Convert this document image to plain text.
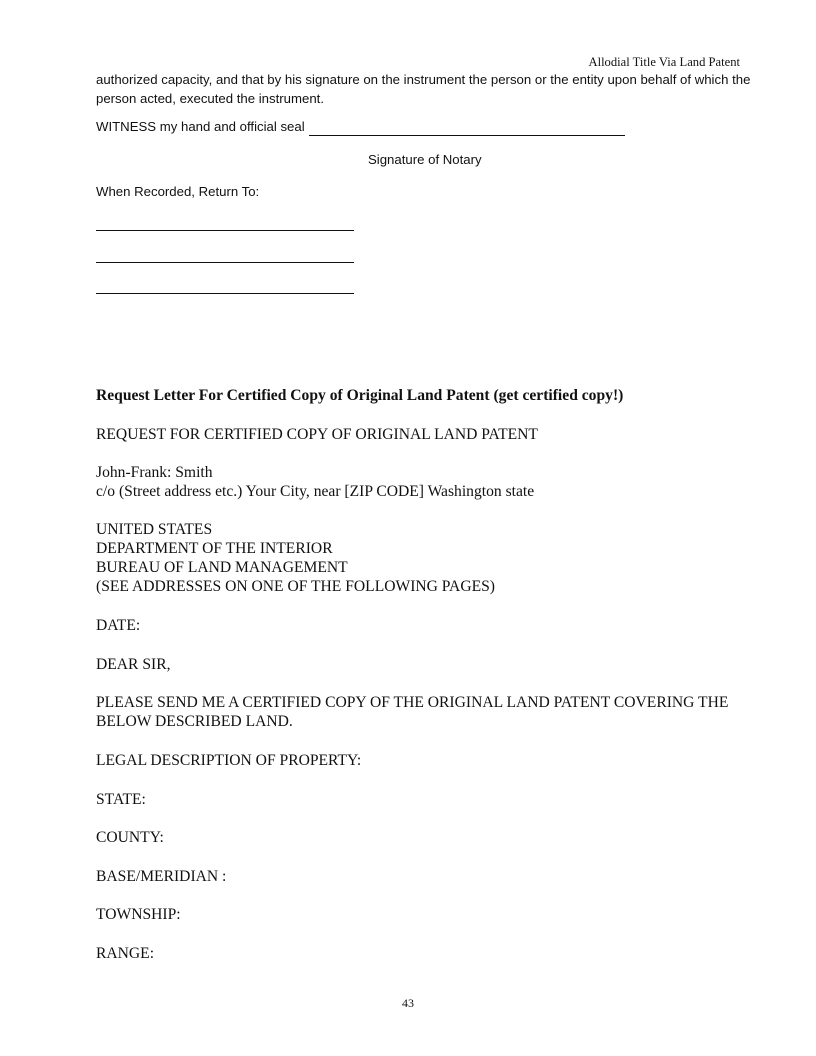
Allodial Title Via Land Patent
authorized capacity, and that by his signature on the instrument the person or the entity upon behalf of which the person acted, executed the instrument.
WITNESS my hand and official seal
Signature of Notary
When Recorded, Return To:
Request Letter For Certified Copy of Original Land Patent (get certified copy!)

REQUEST FOR CERTIFIED COPY OF ORIGINAL LAND PATENT

John-Frank: Smith

c/o (Street address etc.) Your City, near [ZIP CODE] Washington state

UNITED STATES

DEPARTMENT OF THE INTERIOR

BUREAU OF LAND MANAGEMENT

(SEE ADDRESSES ON ONE OF THE FOLLOWING PAGES)

DATE:

DEAR SIR,

PLEASE SEND ME A CERTIFIED COPY OF THE ORIGINAL LAND PATENT COVERING THE BELOW DESCRIBED LAND.

LEGAL DESCRIPTION OF PROPERTY:

STATE:

COUNTY:

BASE/MERIDIAN :

TOWNSHIP:

RANGE:

43
